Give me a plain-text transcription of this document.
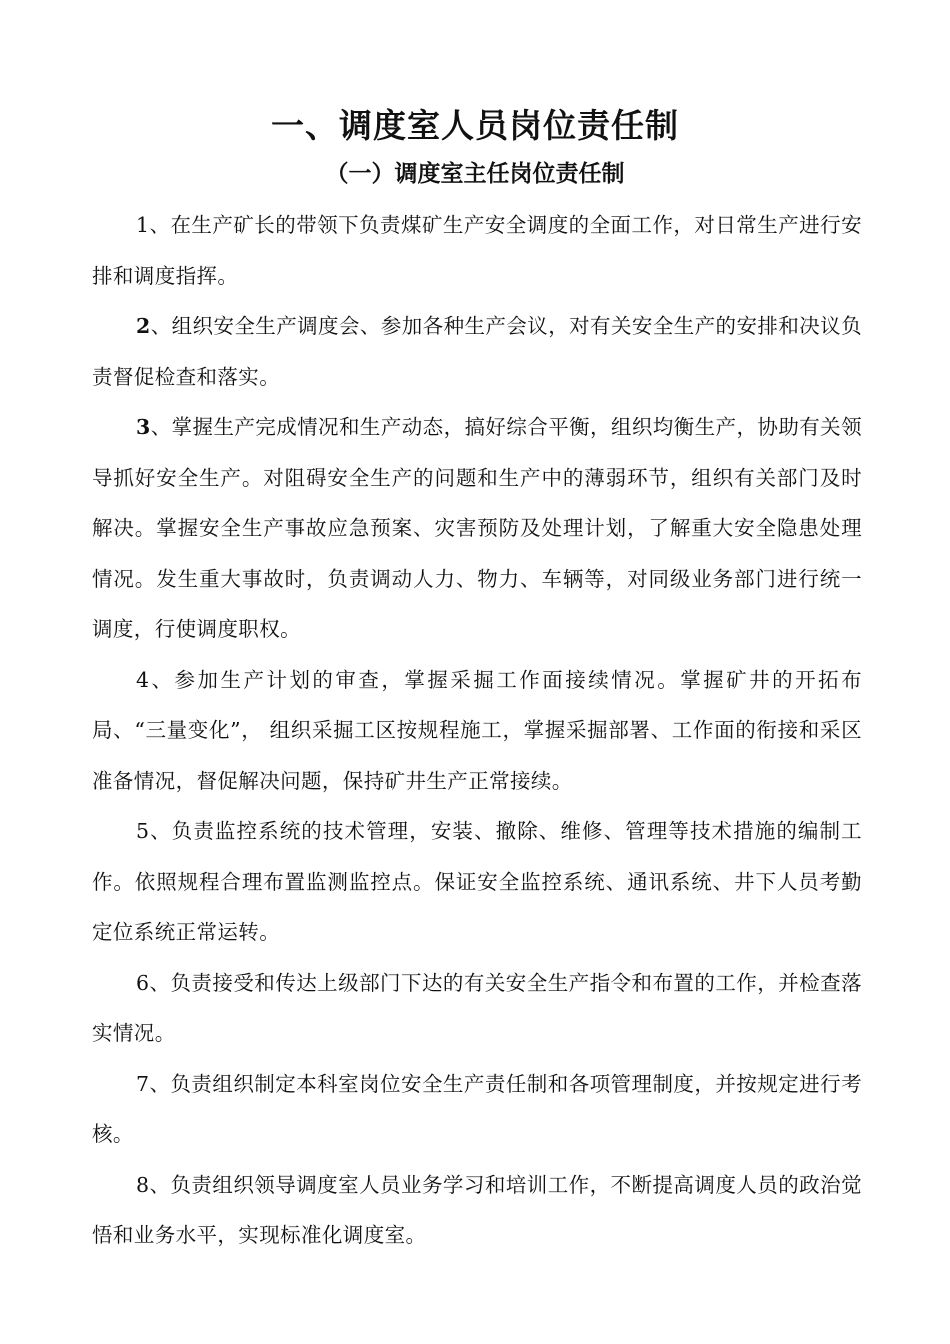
一、调度室人员岗位责任制
（一）调度室主任岗位责任制

1、在生产矿长的带领下负责煤矿生产安全调度的全面工作，对日常生产进行安排和调度指挥。

2、组织安全生产调度会、参加各种生产会议，对有关安全生产的安排和决议负责督促检查和落实。

3、掌握生产完成情况和生产动态，搞好综合平衡，组织均衡生产，协助有关领导抓好安全生产。对阻碍安全生产的问题和生产中的薄弱环节，组织有关部门及时解决。掌握安全生产事故应急预案、灾害预防及处理计划，了解重大安全隐患处理情况。发生重大事故时，负责调动人力、物力、车辆等，对同级业务部门进行统一调度，行使调度职权。

4、参加生产计划的审查，掌握采掘工作面接续情况。掌握矿井的开拓布局、“三量变化”， 组织采掘工区按规程施工，掌握采掘部署、工作面的衔接和采区准备情况，督促解决问题，保持矿井生产正常接续。

5、负责监控系统的技术管理，安装、撤除、维修、管理等技术措施的编制工作。依照规程合理布置监测监控点。保证安全监控系统、通讯系统、井下人员考勤定位系统正常运转。

6、负责接受和传达上级部门下达的有关安全生产指令和布置的工作，并检查落实情况。

7、负责组织制定本科室岗位安全生产责任制和各项管理制度，并按规定进行考核。

8、负责组织领导调度室人员业务学习和培训工作，不断提高调度人员的政治觉悟和业务水平，实现标准化调度室。
